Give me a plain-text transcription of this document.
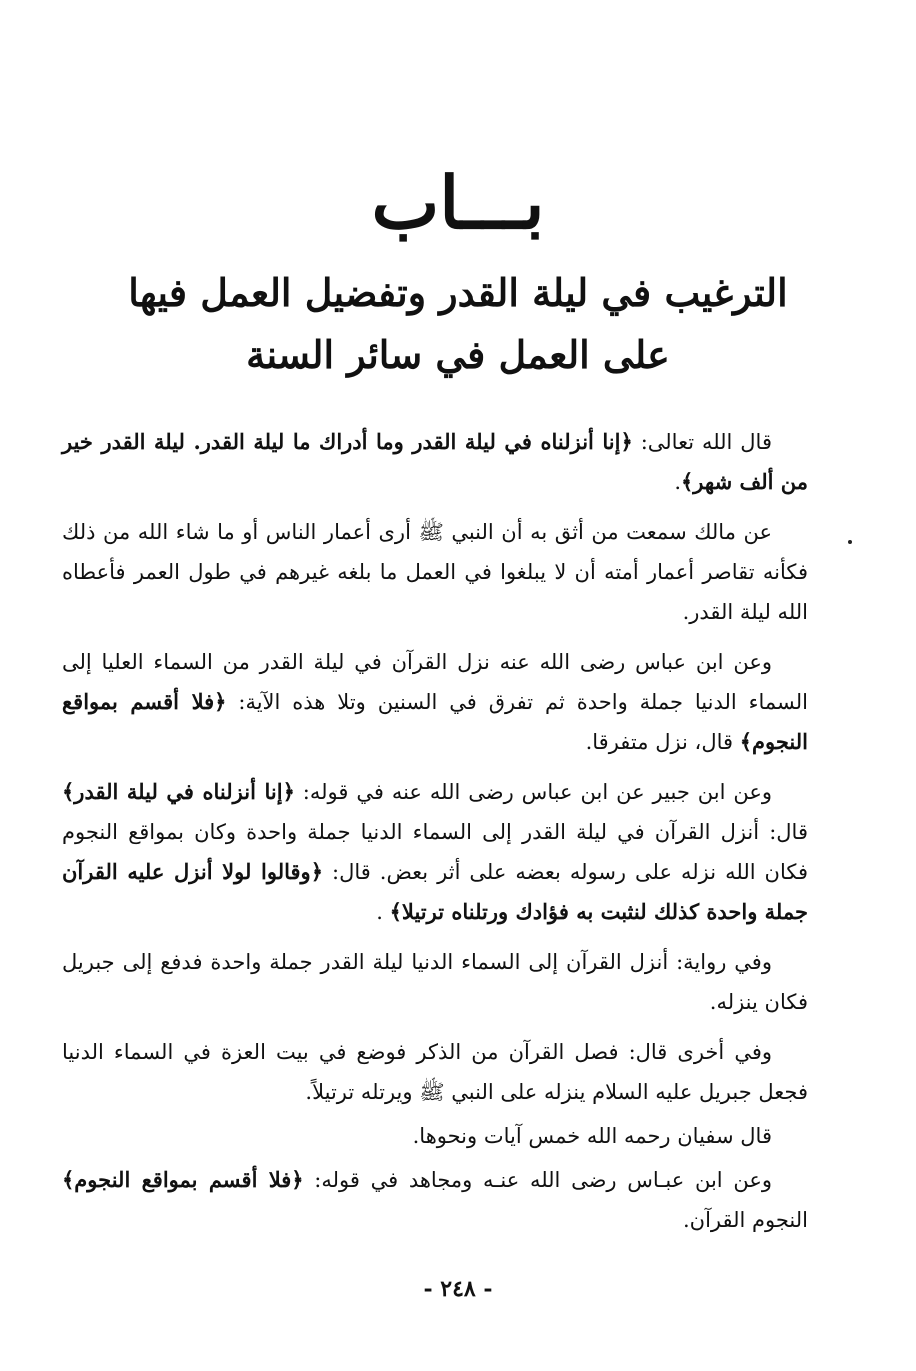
بـــاب
الترغيب في ليلة القدر وتفضيل العمل فيها
على العمل في سائر السنة

قال الله تعالى: ﴿إنا أنزلناه في ليلة القدر وما أدراك ما ليلة القدر. ليلة القدر خير من ألف شهر﴾.

عن مالك سمعت من أثق به أن النبي ﷺ أرى أعمار الناس أو ما شاء الله من ذلك فكأنه تقاصر أعمار أمته أن لا يبلغوا في العمل ما بلغه غيرهم في طول العمر فأعطاه الله ليلة القدر.

وعن ابن عباس رضى الله عنه نزل القرآن في ليلة القدر من السماء العليا إلى السماء الدنيا جملة واحدة ثم تفرق في السنين وتلا هذه الآية: ﴿فلا أقسم بمواقع النجوم﴾ قال، نزل متفرقا.

وعن ابن جبير عن ابن عباس رضى الله عنه في قوله: ﴿إنا أنزلناه في ليلة القدر﴾قال: أنزل القرآن في ليلة القدر إلى السماء الدنيا جملة واحدة وكان بمواقع النجوم فكان الله نزله على رسوله بعضه على أثر بعض. قال: ﴿وقالوا لولا أنزل عليه القرآن جملة واحدة كذلك لنثبت به فؤادك ورتلناه ترتيلا﴾ .

وفي رواية: أنزل القرآن إلى السماء الدنيا ليلة القدر جملة واحدة فدفع إلى جبريل فكان ينزله.

وفي أخرى قال: فصل القرآن من الذكر فوضع في بيت العزة في السماء الدنيا فجعل جبريل عليه السلام ينزله على النبي ﷺ ويرتله ترتيلاً.

قال سفيان رحمه الله خمس آيات ونحوها.

وعن ابن عبـاس رضى الله عنـه ومجاهد في قوله: ﴿فلا أقسم بمواقع النجوم﴾ النجوم القرآن.

- ٢٤٨ -
